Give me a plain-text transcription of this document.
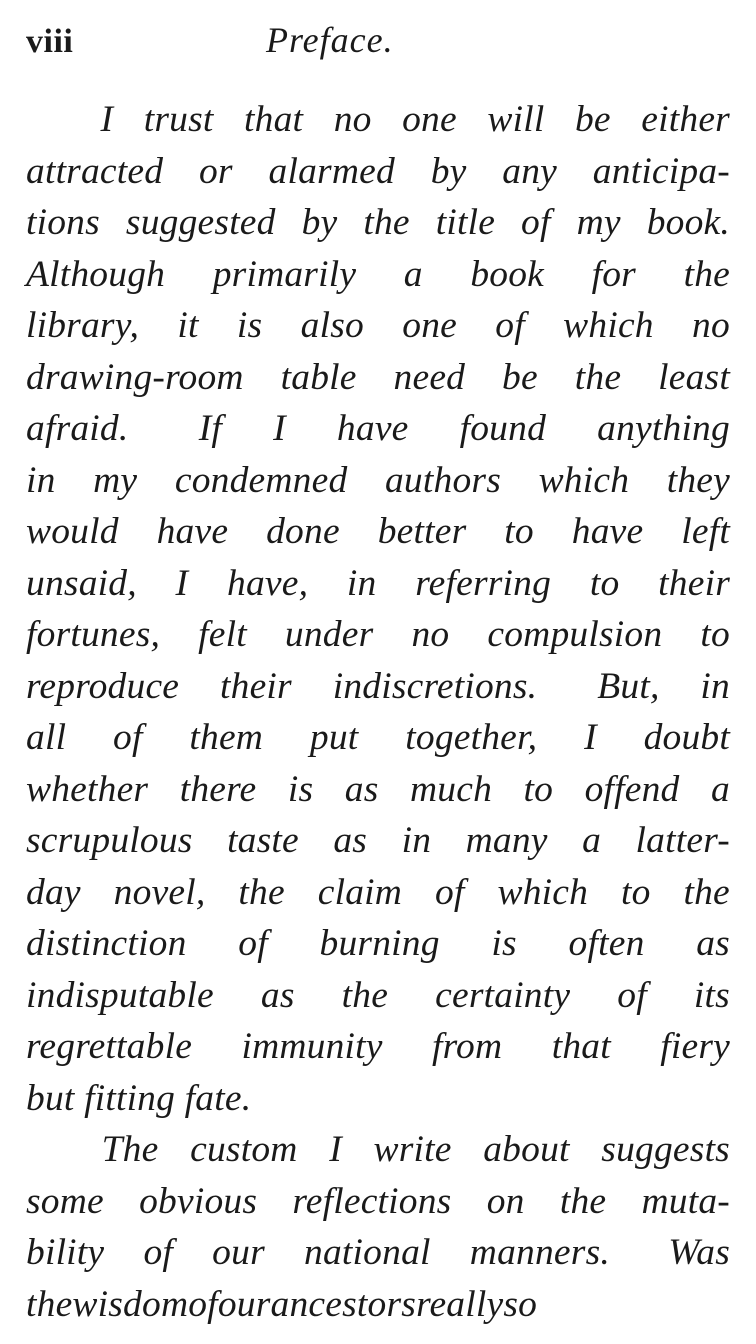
viii	Preface.
I trust that no one will be either
attracted or alarmed by any anticipa-
tions suggested by the title of my book.
Although primarily a book for the
library, it is also one of which no
drawing-room table need be the least
afraid. If I have found anything
in my condemned authors which they
would have done better to have left
unsaid, I have, in referring to their
fortunes, felt under no compulsion to
reproduce their indiscretions. But, in
all of them put together, I doubt
whether there is as much to offend a
scrupulous taste as in many a latter-
day novel, the claim of which to the
distinction of burning is often as
indisputable as the certainty of its
regrettable immunity from that fiery
but fitting fate.
The custom I write about suggests
some obvious reflections on the muta-
bility of our national manners. Was
the wisdom of our ancestors really so
